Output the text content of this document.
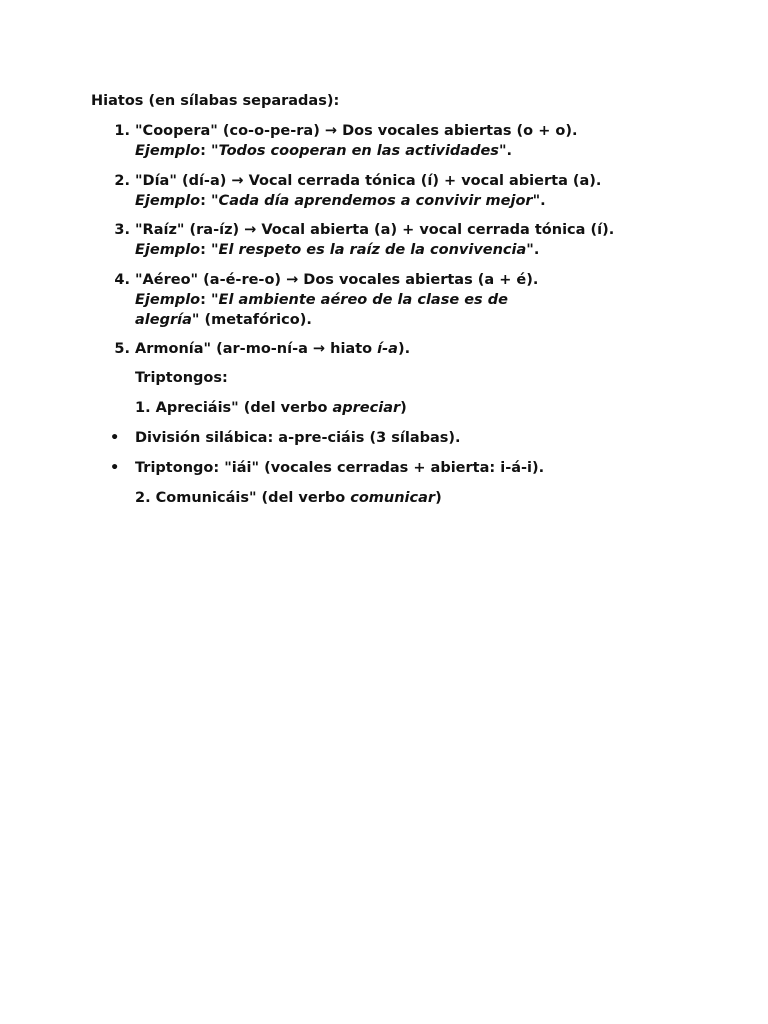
Hiatos (en sílabas separadas):
1. "Coopera" (co-o-pe-ra) → Dos vocales abiertas (o + o).
Ejemplo: "Todos cooperan en las actividades".
2. "Día" (dí-a) → Vocal cerrada tónica (í) + vocal abierta (a).
Ejemplo: "Cada día aprendemos a convivir mejor".
3. "Raíz" (ra-íz) → Vocal abierta (a) + vocal cerrada tónica (í).
Ejemplo: "El respeto es la raíz de la convivencia".
4. "Aéreo" (a-é-re-o) → Dos vocales abiertas (a + é).
Ejemplo: "El ambiente aéreo de la clase es de
alegría" (metafórico).
5. Armonía" (ar-mo-ní-a → hiato í-a).
Triptongos:
1. Apreciáis" (del verbo apreciar)
• División silábica: a-pre-ciáis (3 sílabas).
• Triptongo: "iái" (vocales cerradas + abierta: i-á-i).
2. Comunicáis" (del verbo comunicar)
